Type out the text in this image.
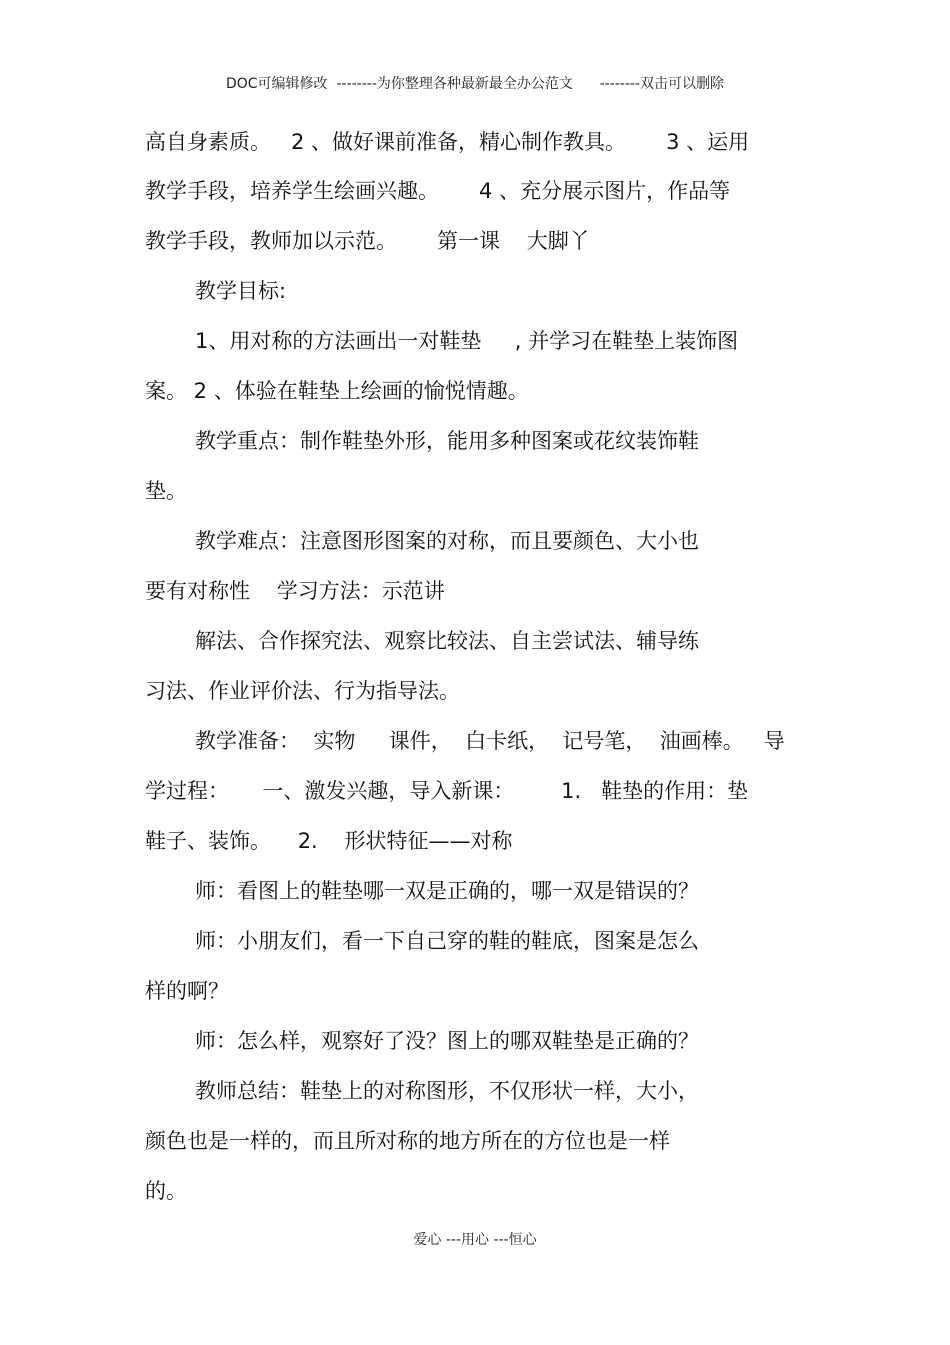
DOC可编辑修改  --------为你整理各种最新最全办公范文      --------双击可以删除
高自身素质。   2 、做好课前准备，精心制作教具。      3 、运用
教学手段，培养学生绘画兴趣。      4 、充分展示图片，作品等
教学手段，教师加以示范。      第一课    大脚丫
教学目标:
1、用对称的方法画出一对鞋垫     , 并学习在鞋垫上装饰图
案。 2 、体验在鞋垫上绘画的愉悦情趣。
教学重点：制作鞋垫外形，能用多种图案或花纹装饰鞋
垫。
教学难点：注意图形图案的对称，而且要颜色、大小也
要有对称性    学习方法：示范讲
解法、合作探究法、观察比较法、自主尝试法、辅导练
习法、作业评价法、行为指导法。
教学准备：  实物     课件，  白卡纸，  记号笔，  油画棒。   导
学过程：     一、激发兴趣，导入新课：       1.   鞋垫的作用：垫
鞋子、装饰。    2.    形状特征——对称
师：看图上的鞋垫哪一双是正确的，哪一双是错误的？
师：小朋友们，看一下自己穿的鞋的鞋底，图案是怎么
样的啊？
师：怎么样，观察好了没？图上的哪双鞋垫是正确的？
教师总结：鞋垫上的对称图形，不仅形状一样，大小，
颜色也是一样的，而且所对称的地方所在的方位也是一样
的。
爱心 ---用心 ---恒心
